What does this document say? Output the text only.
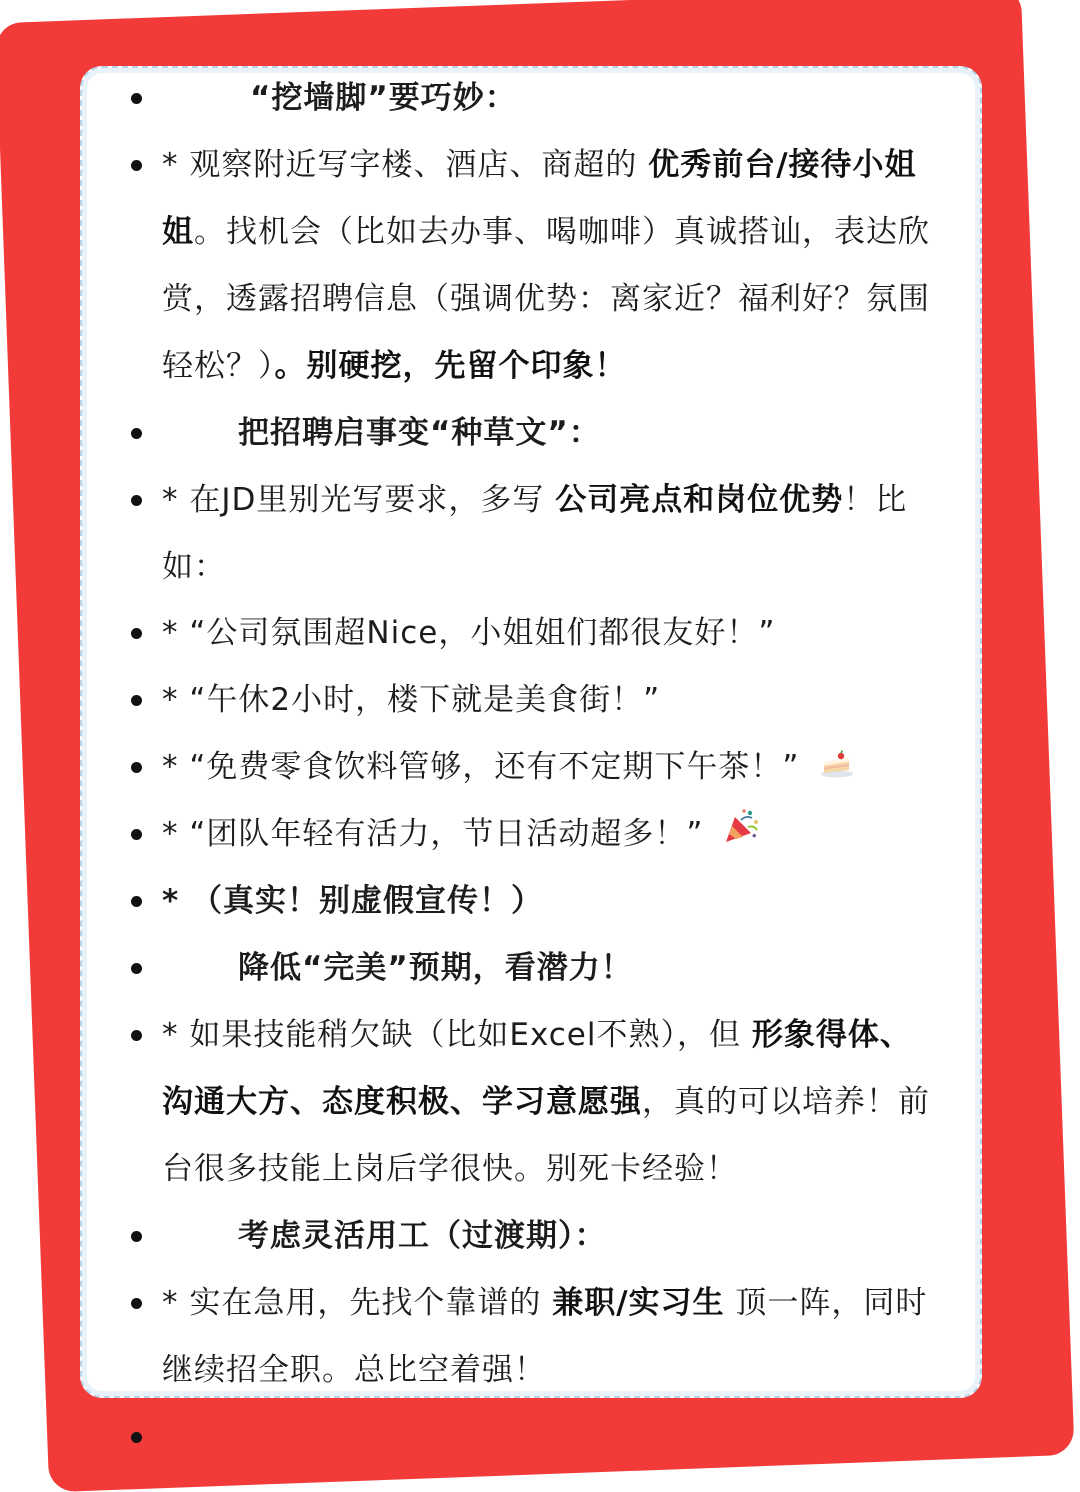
“挖墙脚”要巧妙：
* 观察附近写字楼、酒店、商超的 优秀前台/接待小姐
姐。找机会（比如去办事、喝咖啡）真诚搭讪，表达欣
赏，透露招聘信息（强调优势：离家近？福利好？氛围
轻松？）。别硬挖，先留个印象！
把招聘启事变“种草文”：
* 在JD里别光写要求，多写 公司亮点和岗位优势！比
如：
* “公司氛围超Nice，小姐姐们都很友好！”
* “午休2小时，楼下就是美食街！”
* “免费零食饮料管够，还有不定期下午茶！”
* “团队年轻有活力，节日活动超多！”
* （真实！别虚假宣传！）
降低“完美”预期，看潜力！
* 如果技能稍欠缺（比如Excel不熟），但 形象得体、
沟通大方、态度积极、学习意愿强，真的可以培养！前
台很多技能上岗后学很快。别死卡经验！
考虑灵活用工（过渡期）：
* 实在急用，先找个靠谱的 兼职/实习生 顶一阵，同时
继续招全职。总比空着强！
